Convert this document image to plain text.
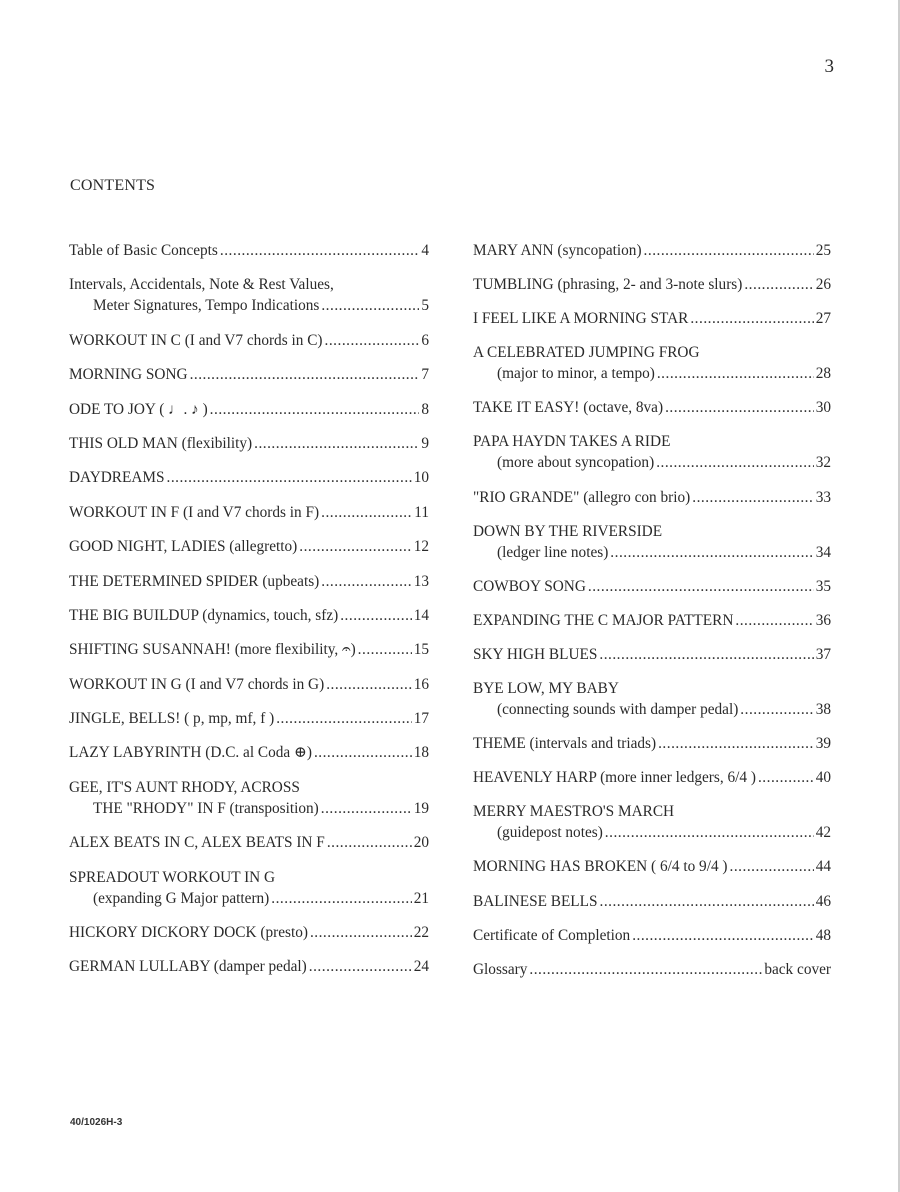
3
CONTENTS
Table of Basic Concepts .....	4
Intervals, Accidentals, Note & Rest Values,
Meter Signatures, Tempo Indications .....	5
WORKOUT IN C (I and V7 chords in C) .....	6
MORNING SONG .....	7
ODE TO JOY ( ♩. ♪ ) .....	8
THIS OLD MAN (flexibility) .....	9
DAYDREAMS .....	10
WORKOUT IN F (I and V7 chords in F) .....	11
GOOD NIGHT, LADIES (allegretto) .....	12
THE DETERMINED SPIDER (upbeats) .....	13
THE BIG BUILDUP (dynamics, touch, sfz) .....	14
SHIFTING SUSANNAH! (more flexibility, 𝄐) .....	15
WORKOUT IN G (I and V7 chords in G) .....	16
JINGLE, BELLS! ( p, mp, mf, f ) .....	17
LAZY LABYRINTH (D.C. al Coda ⊕) .....	18
GEE, IT'S AUNT RHODY, ACROSS
THE "RHODY" IN F (transposition) .....	19
ALEX BEATS IN C, ALEX BEATS IN F .....	20
SPREADOUT WORKOUT IN G
(expanding G Major pattern) .....	21
HICKORY DICKORY DOCK (presto) .....	22
GERMAN LULLABY (damper pedal) .....	24
MARY ANN (syncopation) .....	25
TUMBLING (phrasing, 2- and 3-note slurs) .....	26
I FEEL LIKE A MORNING STAR .....	27
A CELEBRATED JUMPING FROG
(major to minor, a tempo) .....	28
TAKE IT EASY! (octave, 8va) .....	30
PAPA HAYDN TAKES A RIDE
(more about syncopation) .....	32
"RIO GRANDE" (allegro con brio) .....	33
DOWN BY THE RIVERSIDE
(ledger line notes) .....	34
COWBOY SONG .....	35
EXPANDING THE C MAJOR PATTERN .....	36
SKY HIGH BLUES .....	37
BYE LOW, MY BABY
(connecting sounds with damper pedal) .....	38
THEME (intervals and triads) .....	39
HEAVENLY HARP (more inner ledgers, 6/4 ) .....	40
MERRY MAESTRO'S MARCH
(guidepost notes) .....	42
MORNING HAS BROKEN ( 6/4 to 9/4 ) .....	44
BALINESE BELLS .....	46
Certificate of Completion .....	48
Glossary .....	back cover
40/1026H-3
